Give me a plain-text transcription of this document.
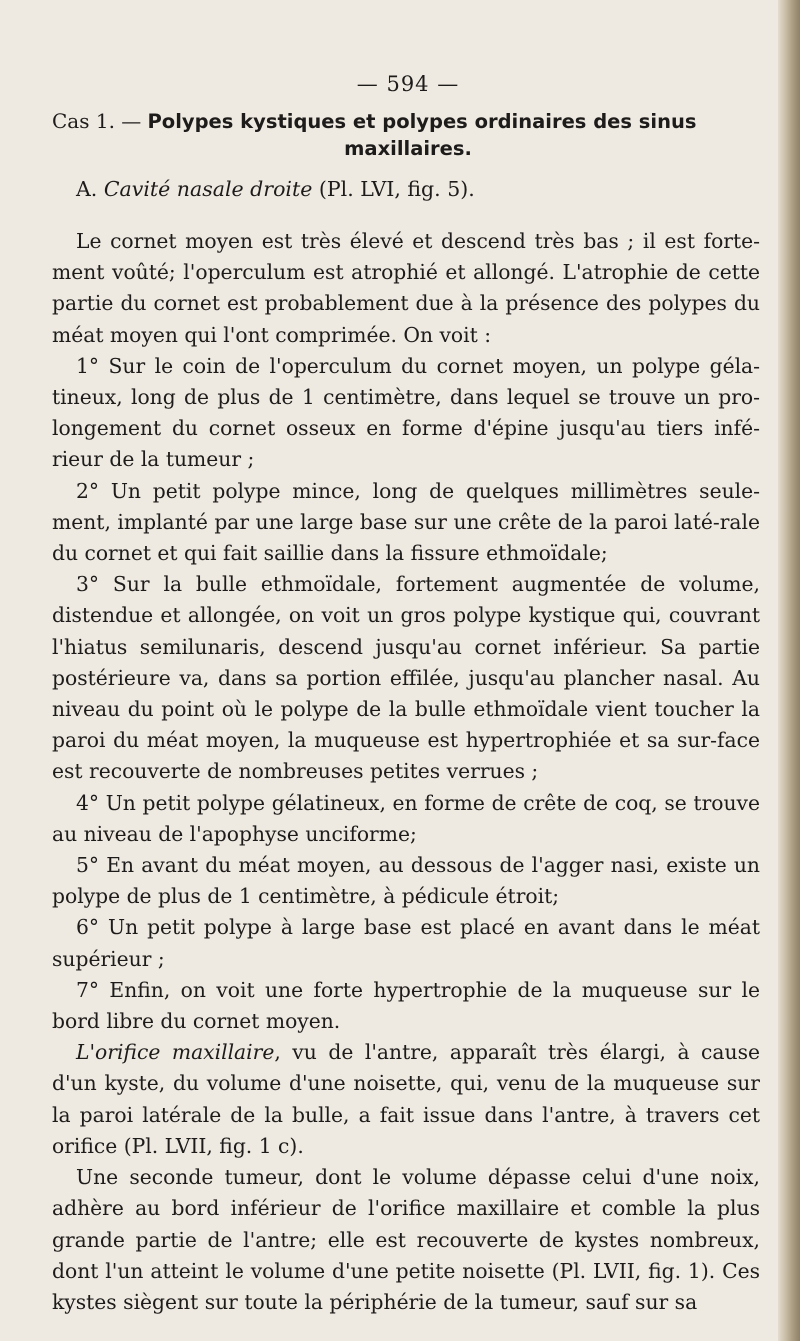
— 594 —
Cas 1. — Polypes kystiques et polypes ordinaires des sinus
maxillaires.
A. Cavité nasale droite (Pl. LVI, fig. 5).

Le cornet moyen est très élevé et descend très bas ; il est forte-ment voûté; l'operculum est atrophié et allongé. L'atrophie de cette partie du cornet est probablement due à la présence des polypes du méat moyen qui l'ont comprimée. On voit :

1° Sur le coin de l'operculum du cornet moyen, un polype géla-tineux, long de plus de 1 centimètre, dans lequel se trouve un pro-longement du cornet osseux en forme d'épine jusqu'au tiers infé-rieur de la tumeur ;

2° Un petit polype mince, long de quelques millimètres seule-ment, implanté par une large base sur une crête de la paroi laté-rale du cornet et qui fait saillie dans la fissure ethmoïdale;

3° Sur la bulle ethmoïdale, fortement augmentée de volume, distendue et allongée, on voit un gros polype kystique qui, couvrant l'hiatus semilunaris, descend jusqu'au cornet inférieur. Sa partie postérieure va, dans sa portion effilée, jusqu'au plancher nasal. Au niveau du point où le polype de la bulle ethmoïdale vient toucher la paroi du méat moyen, la muqueuse est hypertrophiée et sa sur-face est recouverte de nombreuses petites verrues ;

4° Un petit polype gélatineux, en forme de crête de coq, se trouve au niveau de l'apophyse unciforme;

5° En avant du méat moyen, au dessous de l'agger nasi, existe un polype de plus de 1 centimètre, à pédicule étroit;

6° Un petit polype à large base est placé en avant dans le méat supérieur ;

7° Enfin, on voit une forte hypertrophie de la muqueuse sur le bord libre du cornet moyen.

L'orifice maxillaire, vu de l'antre, apparaît très élargi, à cause d'un kyste, du volume d'une noisette, qui, venu de la muqueuse sur la paroi latérale de la bulle, a fait issue dans l'antre, à travers cet orifice (Pl. LVII, fig. 1 c).

Une seconde tumeur, dont le volume dépasse celui d'une noix, adhère au bord inférieur de l'orifice maxillaire et comble la plus grande partie de l'antre; elle est recouverte de kystes nombreux, dont l'un atteint le volume d'une petite noisette (Pl. LVII, fig. 1). Ces kystes siègent sur toute la périphérie de la tumeur, sauf sur sa
